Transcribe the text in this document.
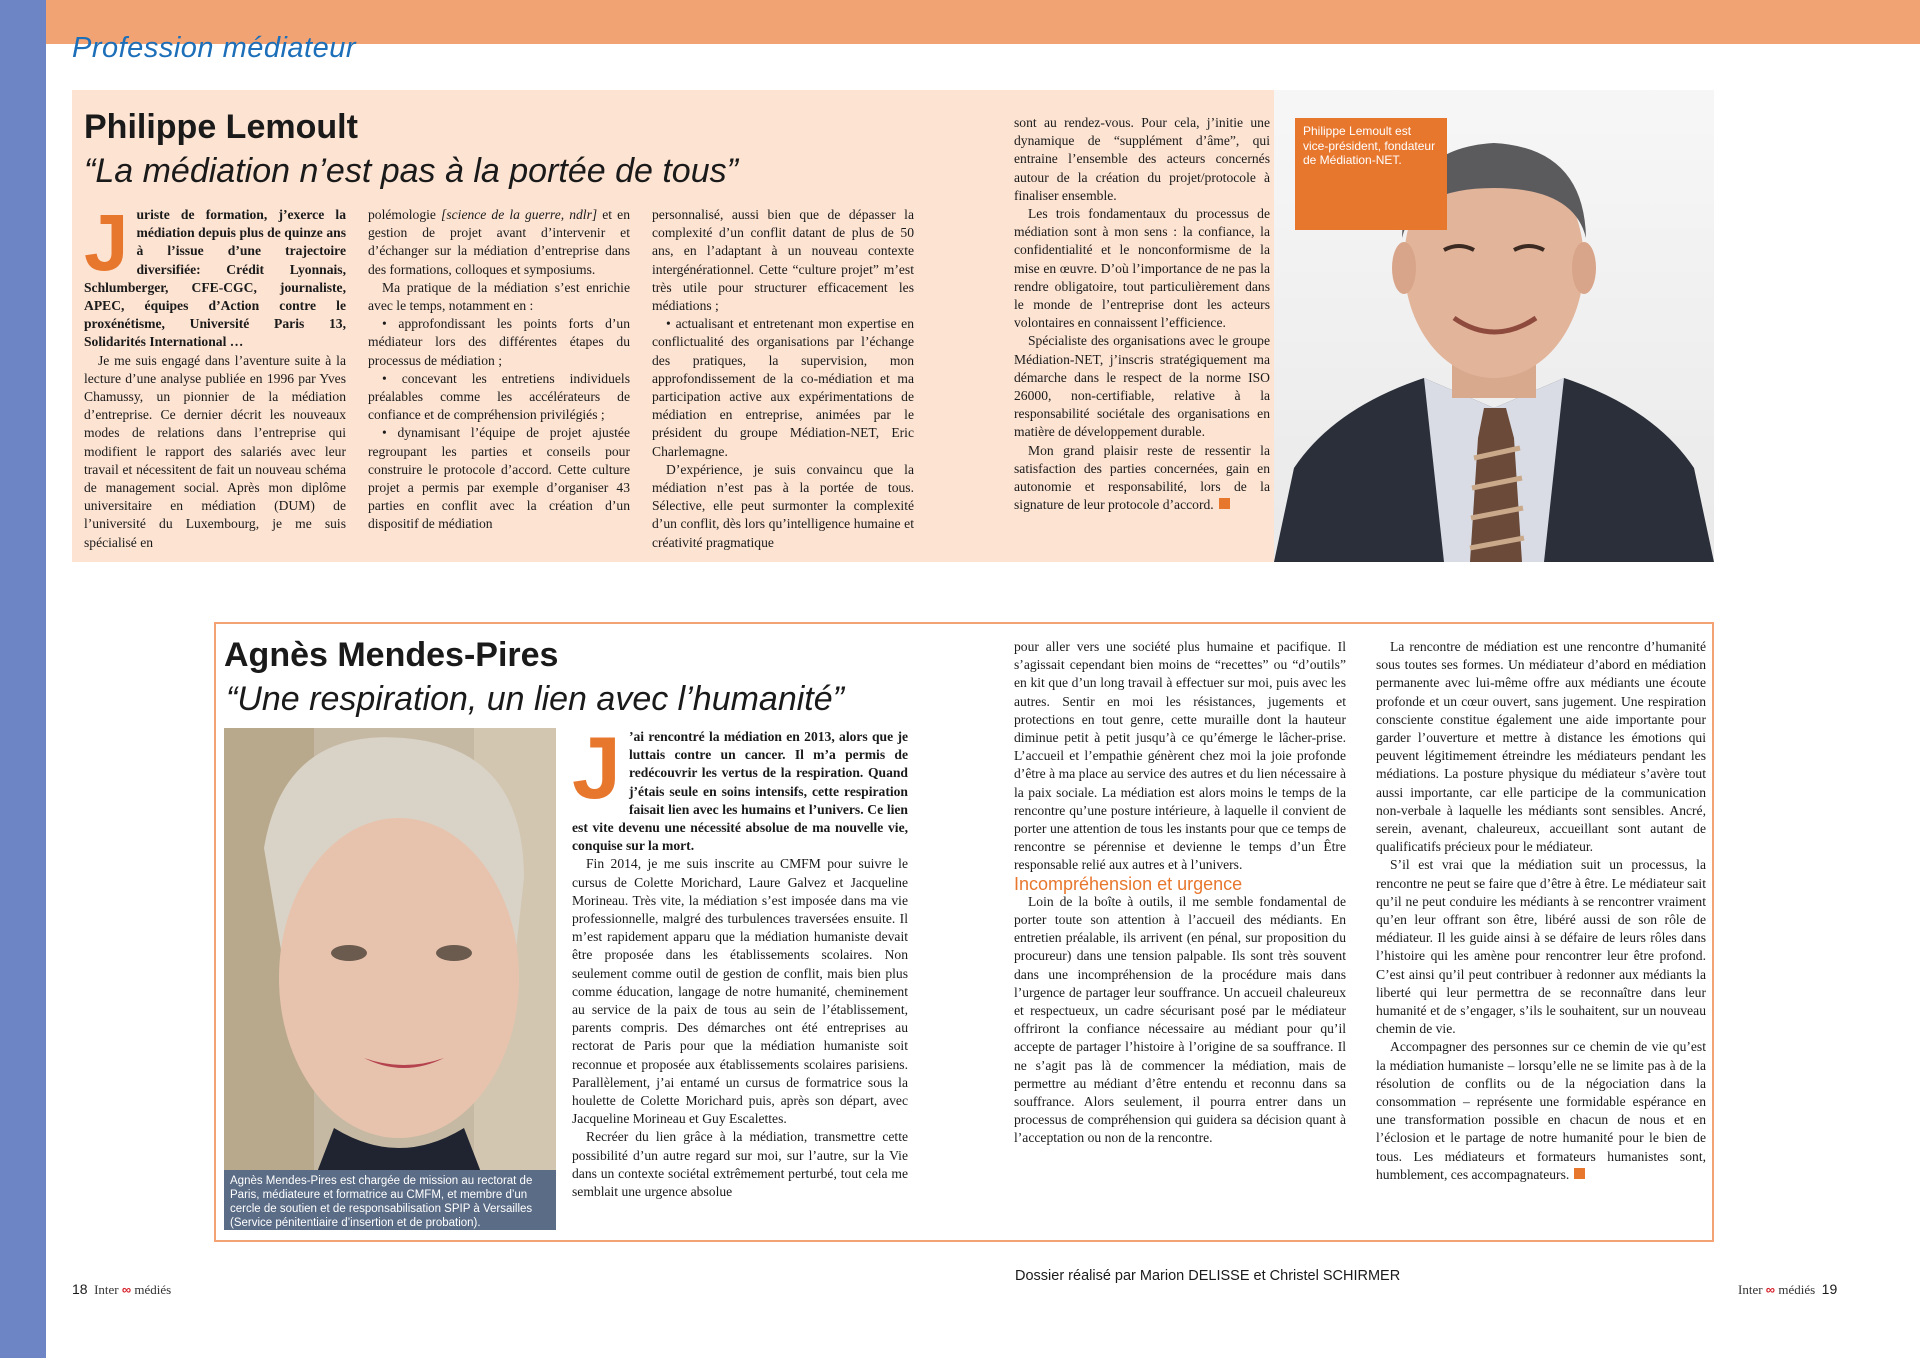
Profession médiateur
Philippe Lemoult
“La médiation n’est pas à la portée de tous”
J uriste de formation, j’exerce la médiation depuis plus de quinze ans à l’issue d’une trajectoire diversifiée: Crédit Lyonnais, Schlumberger, CFE-CGC, journaliste, APEC, équipes d’Action contre le proxénétisme, Université Paris 13, Solidarités International …

Je me suis engagé dans l’aventure suite à la lecture d’une analyse publiée en 1996 par Yves Chamussy, un pionnier de la médiation d’entreprise. Ce dernier décrit les nouveaux modes de relations dans l’entreprise qui modifient le rapport des salariés avec leur travail et nécessitent de fait un nouveau schéma de management social. Après mon diplôme universitaire en médiation (DUM) de l’université du Luxembourg, je me suis spécialisé en

polémologie [science de la guerre, ndlr] et en gestion de projet avant d’intervenir et d’échanger sur la médiation d’entreprise dans des formations, colloques et symposiums.

Ma pratique de la médiation s’est enrichie avec le temps, notamment en :

• approfondissant les points forts d’un médiateur lors des différentes étapes du processus de médiation ;

• concevant les entretiens individuels préalables comme les accélérateurs de confiance et de compréhension privilégiés ;

• dynamisant l’équipe de projet ajustée regroupant les parties et conseils pour construire le protocole d’accord. Cette culture projet a permis par exemple d’organiser 43 parties en conflit avec la création d’un dispositif de médiation

personnalisé, aussi bien que de dépasser la complexité d’un conflit datant de plus de 50 ans, en l’adaptant à un nouveau contexte intergénérationnel. Cette “culture projet” m’est très utile pour structurer efficacement les médiations ;

• actualisant et entretenant mon expertise en conflictualité des organisations par l’échange des pratiques, la supervision, mon approfondissement de la co-médiation et ma participation active aux expérimentations de médiation en entreprise, animées par le président du groupe Médiation-NET, Eric Charlemagne.

D’expérience, je suis convaincu que la médiation n’est pas à la portée de tous. Sélective, elle peut surmonter la complexité d’un conflit, dès lors qu’intelligence humaine et créativité pragmatique

sont au rendez-vous. Pour cela, j’initie une dynamique de “supplément d’âme”, qui entraine l’ensemble des acteurs concernés autour de la création du projet/protocole à finaliser ensemble.

Les trois fondamentaux du processus de médiation sont à mon sens : la confiance, la confidentialité et le nonconformisme de la mise en œuvre. D’où l’importance de ne pas la rendre obligatoire, tout particulièrement dans le monde de l’entreprise dont les acteurs volontaires en connaissent l’efficience.

Spécialiste des organisations avec le groupe Médiation-NET, j’inscris stratégiquement ma démarche dans le respect de la norme ISO 26000, non-certifiable, relative à la responsabilité sociétale des organisations en matière de développement durable.

Mon grand plaisir reste de ressentir la satisfaction des parties concernées, gain en autonomie et responsabilité, lors de la signature de leur protocole d’accord.

Philippe Lemoult est vice-président, fondateur de Médiation-NET.
Agnès Mendes-Pires
“Une respiration, un lien avec l’humanité”
Agnès Mendes-Pires est chargée de mission au rectorat de Paris, médiateure et formatrice au CMFM, et membre d’un cercle de soutien et de responsabilisation SPIP à Versailles (Service pénitentiaire d’insertion et de probation).
J ’ai rencontré la médiation en 2013, alors que je luttais contre un cancer. Il m’a permis de redécouvrir les vertus de la respiration. Quand j’étais seule en soins intensifs, cette respiration faisait lien avec les humains et l’univers. Ce lien est vite devenu une nécessité absolue de ma nouvelle vie, conquise sur la mort.

Fin 2014, je me suis inscrite au CMFM pour suivre le cursus de Colette Morichard, Laure Galvez et Jacqueline Morineau. Très vite, la médiation s’est imposée dans ma vie professionnelle, malgré des turbulences traversées ensuite. Il m’est rapidement apparu que la médiation humaniste devait être proposée dans les établissements scolaires. Non seulement comme outil de gestion de conflit, mais bien plus comme éducation, langage de notre humanité, cheminement au service de la paix de tous au sein de l’établissement, parents compris. Des démarches ont été entreprises au rectorat de Paris pour que la médiation humaniste soit reconnue et proposée aux établissements scolaires parisiens. Parallèlement, j’ai entamé un cursus de formatrice sous la houlette de Colette Morichard puis, après son départ, avec Jacqueline Morineau et Guy Escalettes.

Recréer du lien grâce à la médiation, transmettre cette possibilité d’un autre regard sur moi, sur l’autre, sur la Vie dans un contexte sociétal extrêmement perturbé, tout cela me semblait une urgence absolue

pour aller vers une société plus humaine et pacifique. Il s’agissait cependant bien moins de “recettes” ou “d’outils” en kit que d’un long travail à effectuer sur moi, puis avec les autres. Sentir en moi les résistances, jugements et protections en tout genre, cette muraille dont la hauteur diminue petit à petit jusqu’à ce qu’émerge le lâcher-prise. L’accueil et l’empathie génèrent chez moi la joie profonde d’être à ma place au service des autres et du lien nécessaire à la paix sociale. La médiation est alors moins le temps de la rencontre qu’une posture intérieure, à laquelle il convient de porter une attention de tous les instants pour que ce temps de rencontre se pérennise et devienne le temps d’un Être responsable relié aux autres et à l’univers.

Incompréhension et urgence

Loin de la boîte à outils, il me semble fondamental de porter toute son attention à l’accueil des médiants. En entretien préalable, ils arrivent (en pénal, sur proposition du procureur) dans une tension palpable. Ils sont très souvent dans une incompréhension de la procédure mais dans l’urgence de partager leur souffrance. Un accueil chaleureux et respectueux, un cadre sécurisant posé par le médiateur offriront la confiance nécessaire au médiant pour qu’il accepte de partager l’histoire à l’origine de sa souffrance. Il ne s’agit pas là de commencer la médiation, mais de permettre au médiant d’être entendu et reconnu dans sa souffrance. Alors seulement, il pourra entrer dans un processus de compréhension qui guidera sa décision quant à l’acceptation ou non de la rencontre.

La rencontre de médiation est une rencontre d’humanité sous toutes ses formes. Un médiateur d’abord en médiation permanente avec lui-même offre aux médiants une écoute profonde et un cœur ouvert, sans jugement. Une respiration consciente constitue également une aide importante pour garder l’ouverture et mettre à distance les émotions qui peuvent légitimement étreindre les médiateurs pendant les médiations. La posture physique du médiateur s’avère tout aussi importante, car elle participe de la communication non-verbale à laquelle les médiants sont sensibles. Ancré, serein, avenant, chaleureux, accueillant sont autant de qualificatifs précieux pour le médiateur.

S’il est vrai que la médiation suit un processus, la rencontre ne peut se faire que d’être à être. Le médiateur sait qu’il ne peut conduire les médiants à se rencontrer vraiment qu’en leur offrant son être, libéré aussi de son rôle de médiateur. Il les guide ainsi à se défaire de leurs rôles dans l’histoire qui les amène pour rencontrer leur être profond. C’est ainsi qu’il peut contribuer à redonner aux médiants la liberté qui leur permettra de se reconnaître dans leur humanité et de s’engager, s’ils le souhaitent, sur un nouveau chemin de vie.

Accompagner des personnes sur ce chemin de vie qu’est la médiation humaniste – lorsqu’elle ne se limite pas à de la résolution de conflits ou de la négociation dans la consommation – représente une formidable espérance en une transformation possible en chacun de nous et en l’éclosion et le partage de notre humanité pour le bien de tous. Les médiateurs et formateurs humanistes sont, humblement, ces accompagnateurs.

Dossier réalisé par Marion DELISSE et Christel SCHIRMER
18 Inter ∞ médiés	Inter ∞ médiés 19
